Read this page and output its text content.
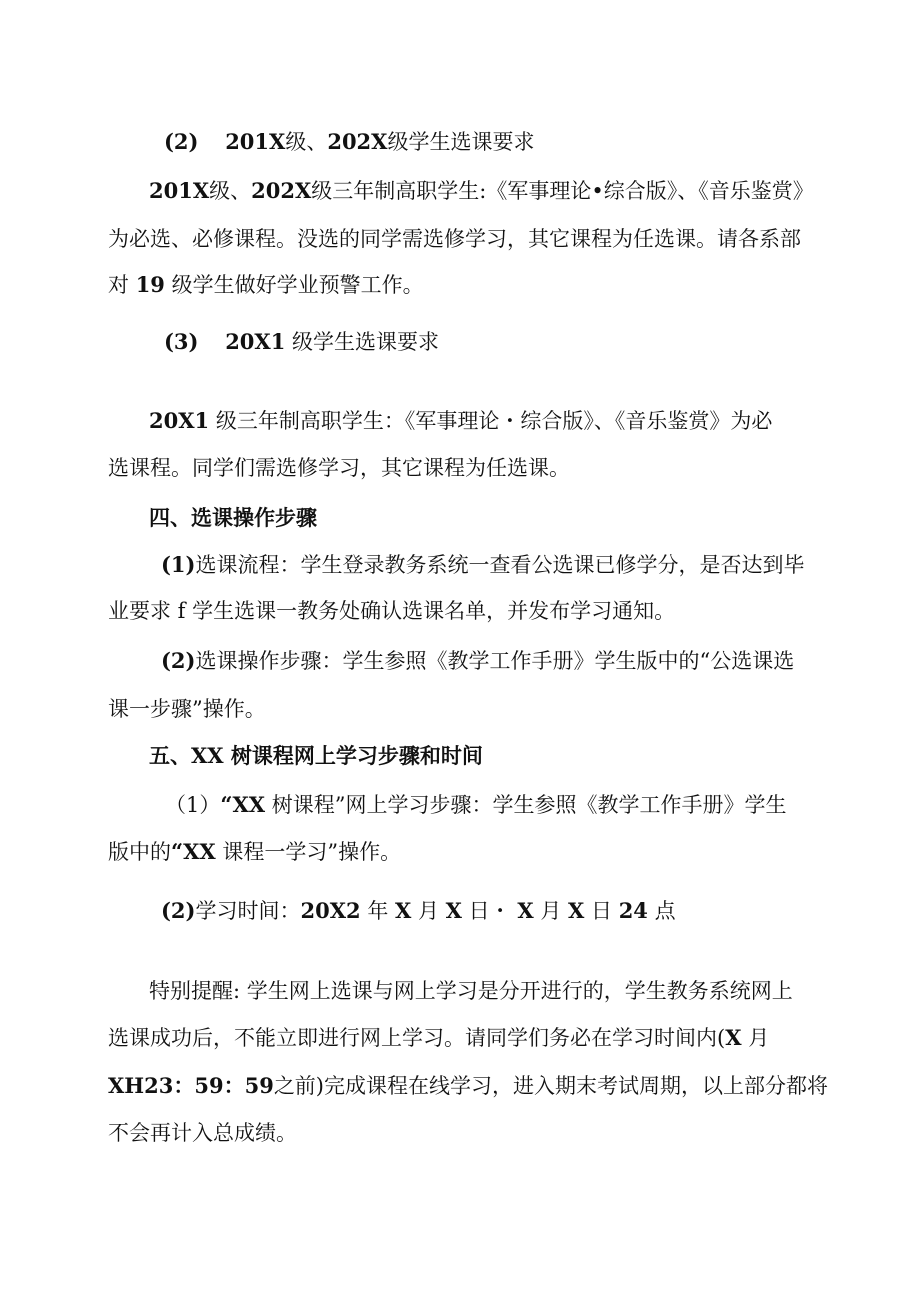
(2) 201X级、202X级学生选课要求
201X级、202X级三年制高职学生:《军事理论•综合版》、《音乐鉴赏》
为必选、必修课程。没选的同学需选修学习，其它课程为任选课。请各系部
对 19 级学生做好学业预警工作。
(3) 20X1 级学生选课要求
20X1 级三年制高职学生：《军事理论・综合版》、《音乐鉴赏》为必
选课程。同学们需选修学习，其它课程为任选课。
四、选课操作步骤
(1)选课流程：学生登录教务系统一查看公选课已修学分，是否达到毕
业要求 f 学生选课一教务处确认选课名单，并发布学习通知。
(2)选课操作步骤：学生参照《教学工作手册》学生版中的“公选课选
课一步骤”操作。
五、XX 树课程网上学习步骤和时间
（1）“XX 树课程”网上学习步骤：学生参照《教学工作手册》学生
版中的“XX 课程一学习”操作。
(2)学习时间：20X2 年 X 月 X 日・ X 月 X 日 24 点
特别提醒: 学生网上选课与网上学习是分开进行的，学生教务系统网上
选课成功后，不能立即进行网上学习。请同学们务必在学习时间内(X 月
XH23：59：59之前)完成课程在线学习，进入期末考试周期，以上部分都将
不会再计入总成绩。
